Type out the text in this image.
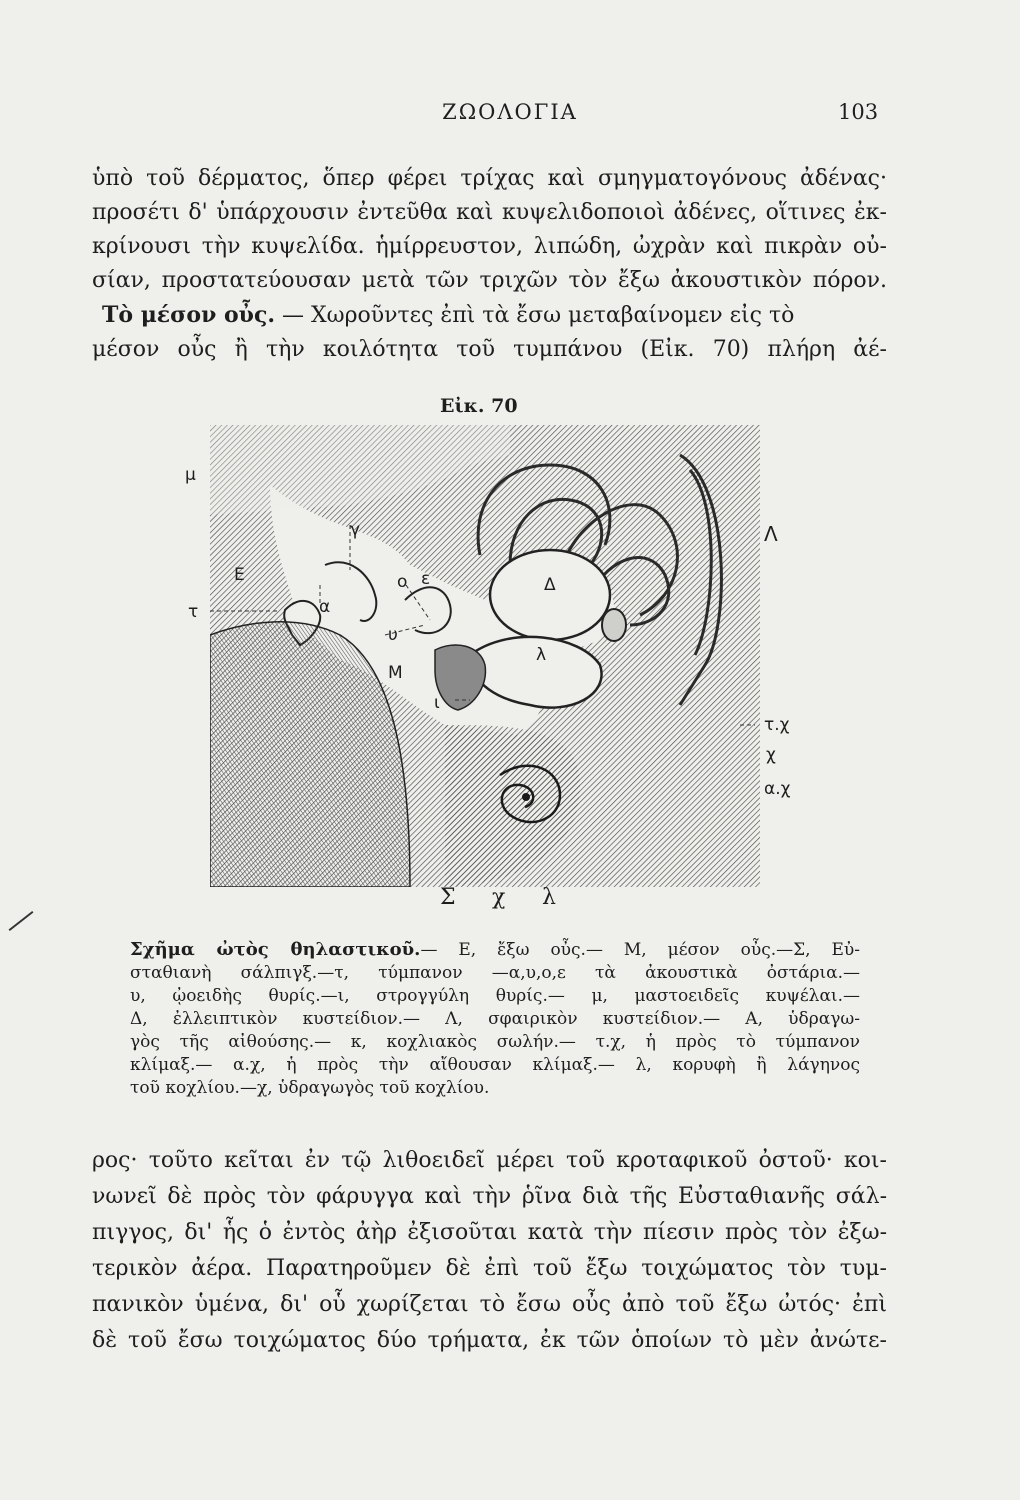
ΖΩΟΛΟΓΙΑ	103
ὑπὸ τοῦ δέρματος, ὅπερ φέρει τρίχας καὶ σμηγματογόνους ἀδένας·
προσέτι δ' ὑπάρχουσιν ἐντεῦθα καὶ κυψελιδοποιοὶ ἀδένες, οἵτινες ἐκ-
κρίνουσι τὴν κυψελίδα. ἡμίρρευστον, λιπώδη, ὠχρὰν καὶ πικρὰν οὐ-
σίαν, προστατεύουσαν μετὰ τῶν τριχῶν τὸν ἔξω ἀκουστικὸν πόρον.
Τὸ μέσον οὖς. — Χωροῦντες ἐπὶ τὰ ἔσω μεταβαίνομεν εἰς τὸ
μέσον οὖς ἢ τὴν κοιλότητα τοῦ τυμπάνου (Εἰκ. 70) πλήρη ἀέ-
Εἰκ. 70
μ
γ
Ε
τ	α
ο ε
υ
Μ
ι
Δ
λ
Λ
τ.χ
χ
α.χ
Σ χ λ
Σχῆμα ὠτὸς θηλαστικοῦ.— Ε, ἔξω οὖς.— Μ, μέσον οὖς.—Σ, Εὐ-
σταθιανὴ σάλπιγξ.—τ, τύμπανον —α,υ,ο,ε τὰ ἀκουστικὰ ὀστάρια.—
υ, ᾠοειδὴς θυρίς.—ι, στρογγύλη θυρίς.— μ, μαστοειδεῖς κυψέλαι.—
Δ, ἐλλειπτικὸν κυστείδιον.— Λ, σφαιρικὸν κυστείδιον.— Α, ὑδραγω-
γὸς τῆς αἰθούσης.— κ, κοχλιακὸς σωλήν.— τ.χ, ἡ πρὸς τὸ τύμπανον
κλίμαξ.— α.χ, ἡ πρὸς τὴν αἴθουσαν κλίμαξ.— λ, κορυφὴ ἢ λάγηνος
τοῦ κοχλίου.—χ, ὑδραγωγὸς τοῦ κοχλίου.
ρος· τοῦτο κεῖται ἐν τῷ λιθοειδεῖ μέρει τοῦ κροταφικοῦ ὀστοῦ· κοι-
νωνεῖ δὲ πρὸς τὸν φάρυγγα καὶ τὴν ῥῖνα διὰ τῆς Εὐσταθιανῆς σάλ-
πιγγος, δι' ἧς ὁ ἐντὸς ἀὴρ ἐξισοῦται κατὰ τὴν πίεσιν πρὸς τὸν ἐξω-
τερικὸν ἀέρα. Παρατηροῦμεν δὲ ἐπὶ τοῦ ἔξω τοιχώματος τὸν τυμ-
πανικὸν ὑμένα, δι' οὗ χωρίζεται τὸ ἔσω οὖς ἀπὸ τοῦ ἔξω ὠτός· ἐπὶ
δὲ τοῦ ἔσω τοιχώματος δύο τρήματα, ἐκ τῶν ὁποίων τὸ μὲν ἀνώτε-
